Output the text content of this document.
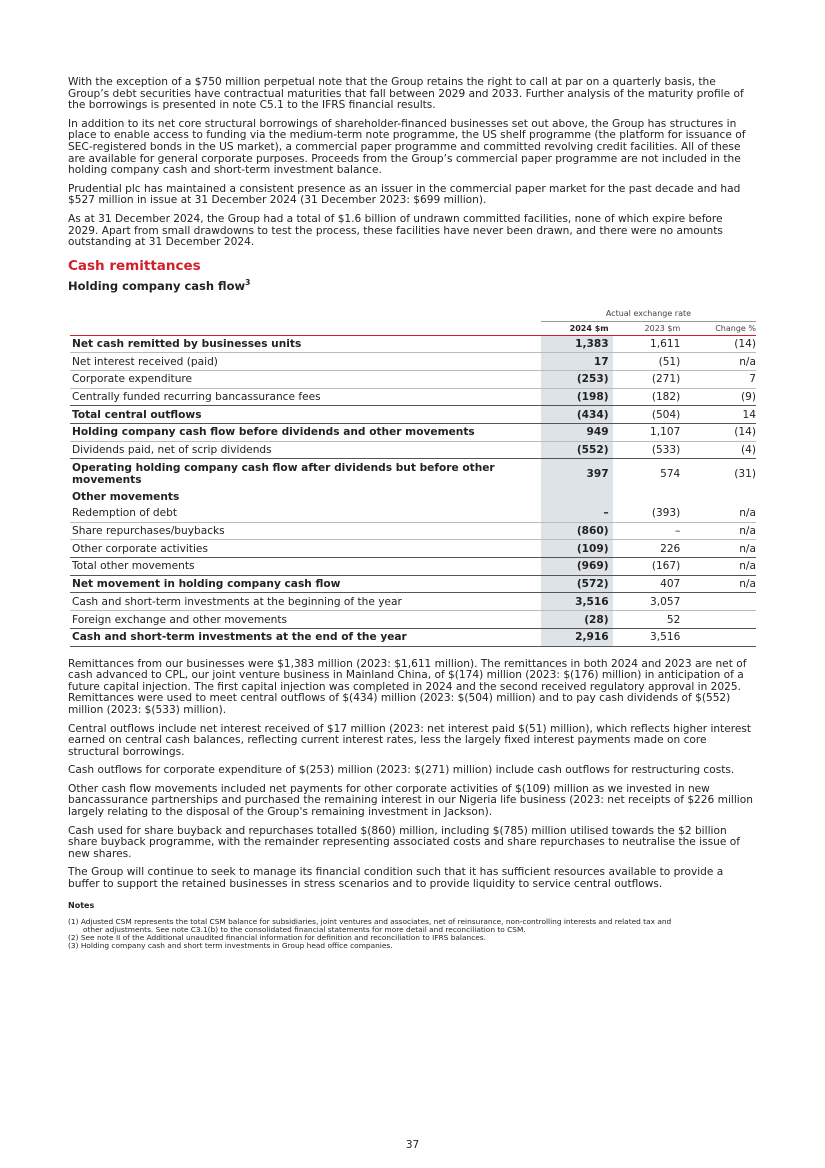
With the exception of a $750 million perpetual note that the Group retains the right to call at par on a quarterly basis, the Group’s debt securities have contractual maturities that fall between 2029 and 2033. Further analysis of the maturity profile of the borrowings is presented in note C5.1 to the IFRS financial results.

In addition to its net core structural borrowings of shareholder-financed businesses set out above, the Group has structures in place to enable access to funding via the medium-term note programme, the US shelf programme (the platform for issuance of SEC-registered bonds in the US market), a commercial paper programme and committed revolving credit facilities. All of these are available for general corporate purposes. Proceeds from the Group’s commercial paper programme are not included in the holding company cash and short-term investment balance.

Prudential plc has maintained a consistent presence as an issuer in the commercial paper market for the past decade and had $527 million in issue at 31 December 2024 (31 December 2023: $699 million).

As at 31 December 2024, the Group had a total of $1.6 billion of undrawn committed facilities, none of which expire before 2029. Apart from small drawdowns to test the process, these facilities have never been drawn, and there were no amounts outstanding at 31 December 2024.

Cash remittances
Holding company cash flow$^3$
	Actual exchange rate		
	2024 $m	2023 $m	Change %
Net cash remitted by businesses units	1,383	1,611	(14)
Net interest received (paid)	17	(51)	n/a
Corporate expenditure	(253)	(271)	7
Centrally funded recurring bancassurance fees	(198)	(182)	(9)
Total central outflows	(434)	(504)	14
Holding company cash flow before dividends and other movements	949	1,107	(14)
Dividends paid, net of scrip dividends	(552)	(533)	(4)
Operating holding company cash flow after dividends but before other movements	397	574	(31)
Other movements			
Redemption of debt	–	(393)	n/a
Share repurchases/buybacks	(860)	–	n/a
Other corporate activities	(109)	226	n/a
Total other movements	(969)	(167)	n/a
Net movement in holding company cash flow	(572)	407	n/a
Cash and short-term investments at the beginning of the year	3,516	3,057	
Foreign exchange and other movements	(28)	52	
Cash and short-term investments at the end of the year	2,916	3,516	

Remittances from our businesses were $1,383 million (2023: $1,611 million). The remittances in both 2024 and 2023 are net of cash advanced to CPL, our joint venture business in Mainland China, of $(174) million (2023: $(176) million) in anticipation of a future capital injection. The first capital injection was completed in 2024 and the second received regulatory approval in 2025. Remittances were used to meet central outflows of $(434) million (2023: $(504) million) and to pay cash dividends of $(552) million (2023: $(533) million).

Central outflows include net interest received of $17 million (2023: net interest paid $(51) million), which reflects higher interest earned on central cash balances, reflecting current interest rates, less the largely fixed interest payments made on core structural borrowings.

Cash outflows for corporate expenditure of $(253) million (2023: $(271) million) include cash outflows for restructuring costs.

Other cash flow movements included net payments for other corporate activities of $(109) million as we invested in new bancassurance partnerships and purchased the remaining interest in our Nigeria life business (2023: net receipts of $226 million largely relating to the disposal of the Group's remaining investment in Jackson).

Cash used for share buyback and repurchases totalled $(860) million, including $(785) million utilised towards the $2 billion share buyback programme, with the remainder representing associated costs and share repurchases to neutralise the issue of new shares.

The Group will continue to seek to manage its financial condition such that it has sufficient resources available to provide a buffer to support the retained businesses in stress scenarios and to provide liquidity to service central outflows.

Notes

(1) Adjusted CSM represents the total CSM balance for subsidiaries, joint ventures and associates, net of reinsurance, non-controlling interests and related tax and
other adjustments. See note C3.1(b) to the consolidated financial statements for more detail and reconciliation to CSM.

(2) See note II of the Additional unaudited financial information for definition and reconciliation to IFRS balances.

(3) Holding company cash and short term investments in Group head office companies.

37
